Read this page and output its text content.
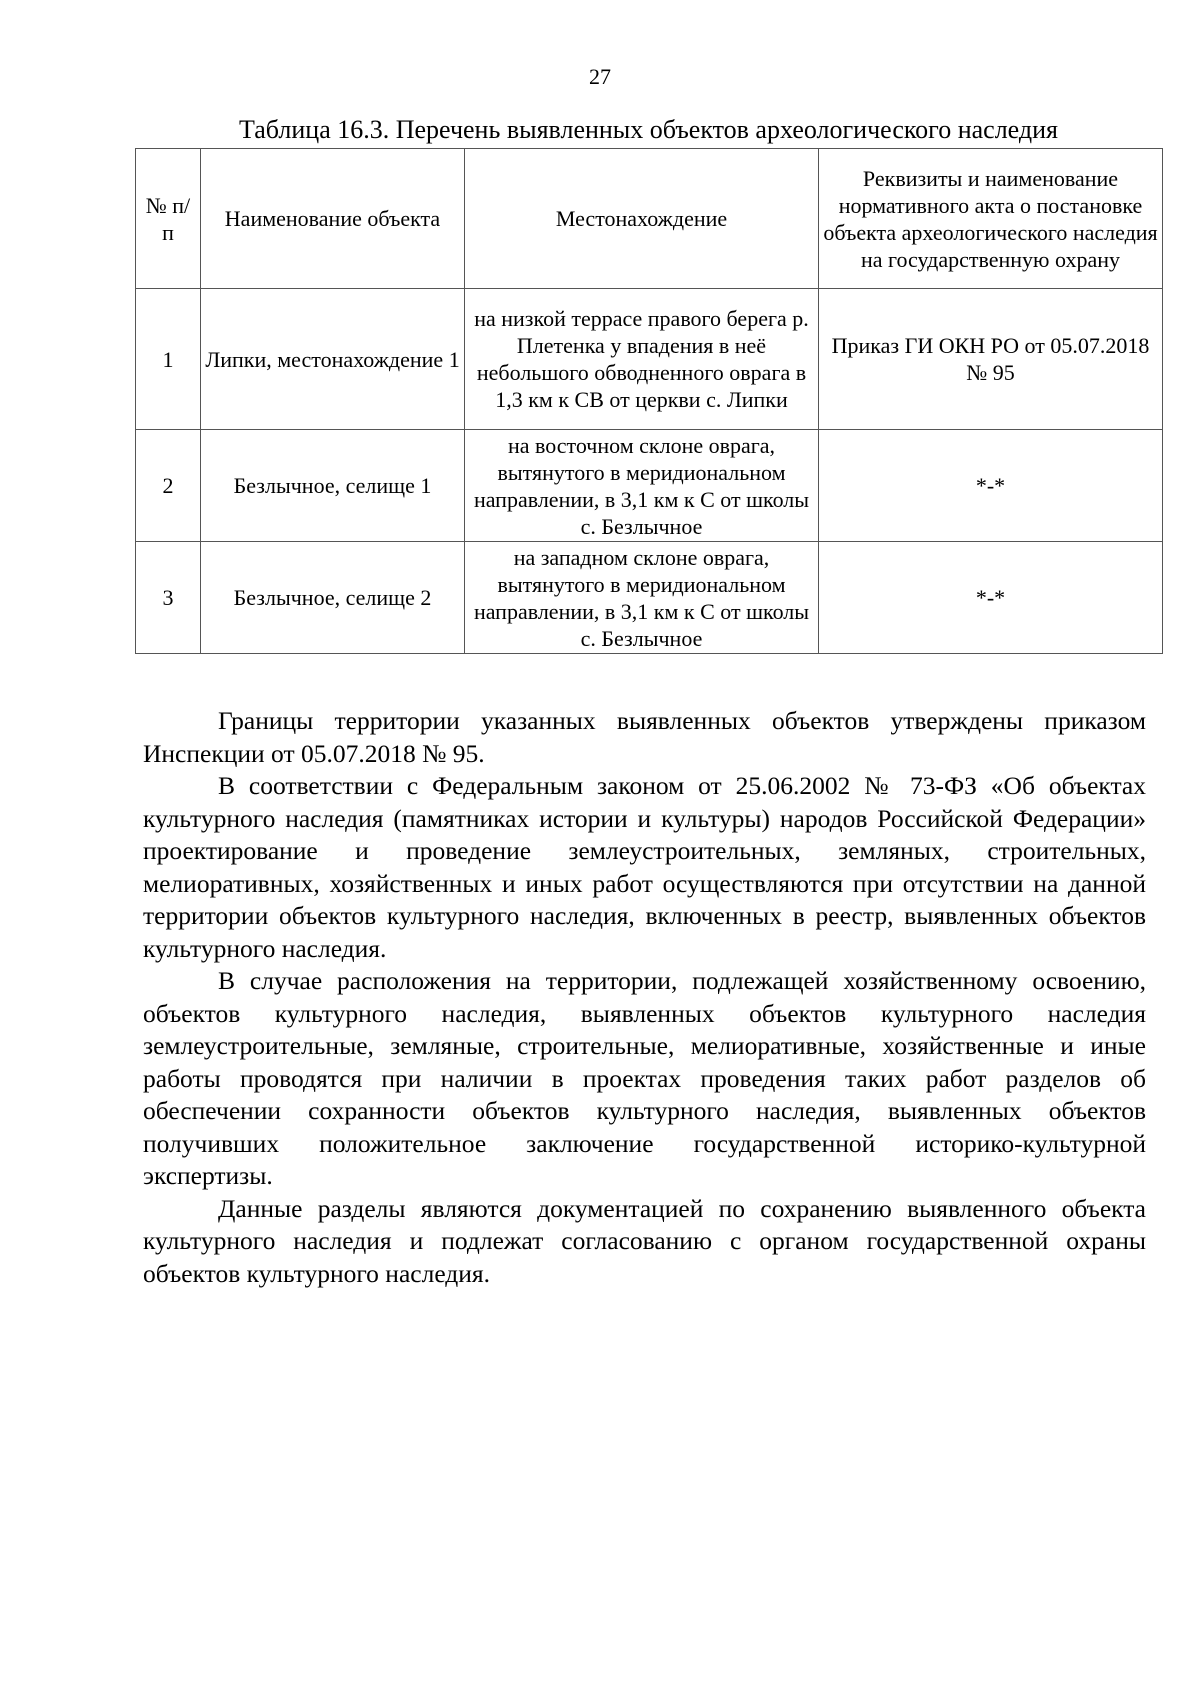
27
Таблица 16.3. Перечень выявленных объектов археологического наследия
№ п/п	Наименование объекта	Местонахождение	Реквизиты и наименование нормативного акта о постановке объекта археологического наследия на государственную охрану
1	Липки, местонахождение 1	на низкой террасе правого берега р. Плетенка у впадения в неё небольшого обводненного оврага в 1,3 км к СВ от церкви с. Липки	Приказ ГИ ОКН РО от 05.07.2018 № 95
2	Безлычное, селище 1	на восточном склоне оврага, вытянутого в меридиональном направлении, в 3,1 км к С от школы с. Безлычное	*-*
3	Безлычное, селище 2	на западном склоне оврага, вытянутого в меридиональном направлении, в 3,1 км к С от школы с. Безлычное	*-*

Границы территории указанных выявленных объектов утверждены приказом Инспекции от 05.07.2018 № 95.

В соответствии с Федеральным законом от 25.06.2002 № 73-ФЗ «Об объектах культурного наследия (памятниках истории и культуры) народов Российской Федерации» проектирование и проведение землеустроительных, земляных, строительных, мелиоративных, хозяйственных и иных работ осуществляются при отсутствии на данной территории объектов культурного наследия, включенных в реестр, выявленных объектов культурного наследия.

В случае расположения на территории, подлежащей хозяйственному освоению, объектов культурного наследия, выявленных объектов культурного наследия землеустроительные, земляные, строительные, мелиоративные, хозяйственные и иные работы проводятся при наличии в проектах проведения таких работ разделов об обеспечении сохранности объектов культурного наследия, выявленных объектов получивших положительное заключение государственной историко-культурной экспертизы.

Данные разделы являются документацией по сохранению выявленного объекта культурного наследия и подлежат согласованию с органом государственной охраны объектов культурного наследия.
